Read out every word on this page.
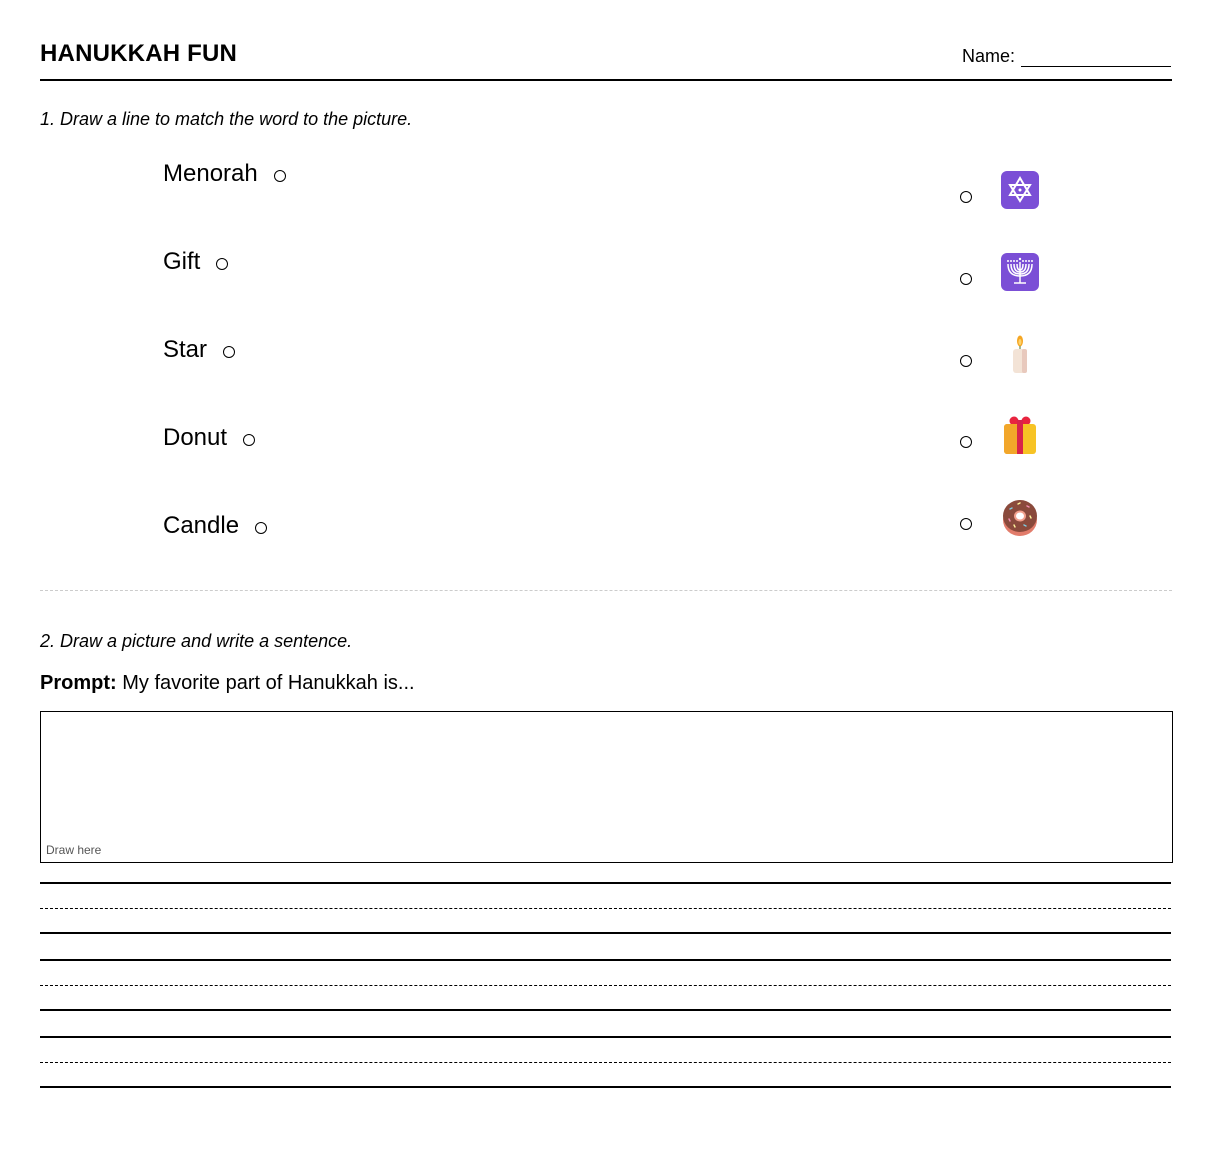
HANUKKAH FUN	Name:
1. Draw a line to match the word to the picture.
Menorah
Gift
Star
Donut
Candle
2. Draw a picture and write a sentence.
Prompt: My favorite part of Hanukkah is...
Draw here
